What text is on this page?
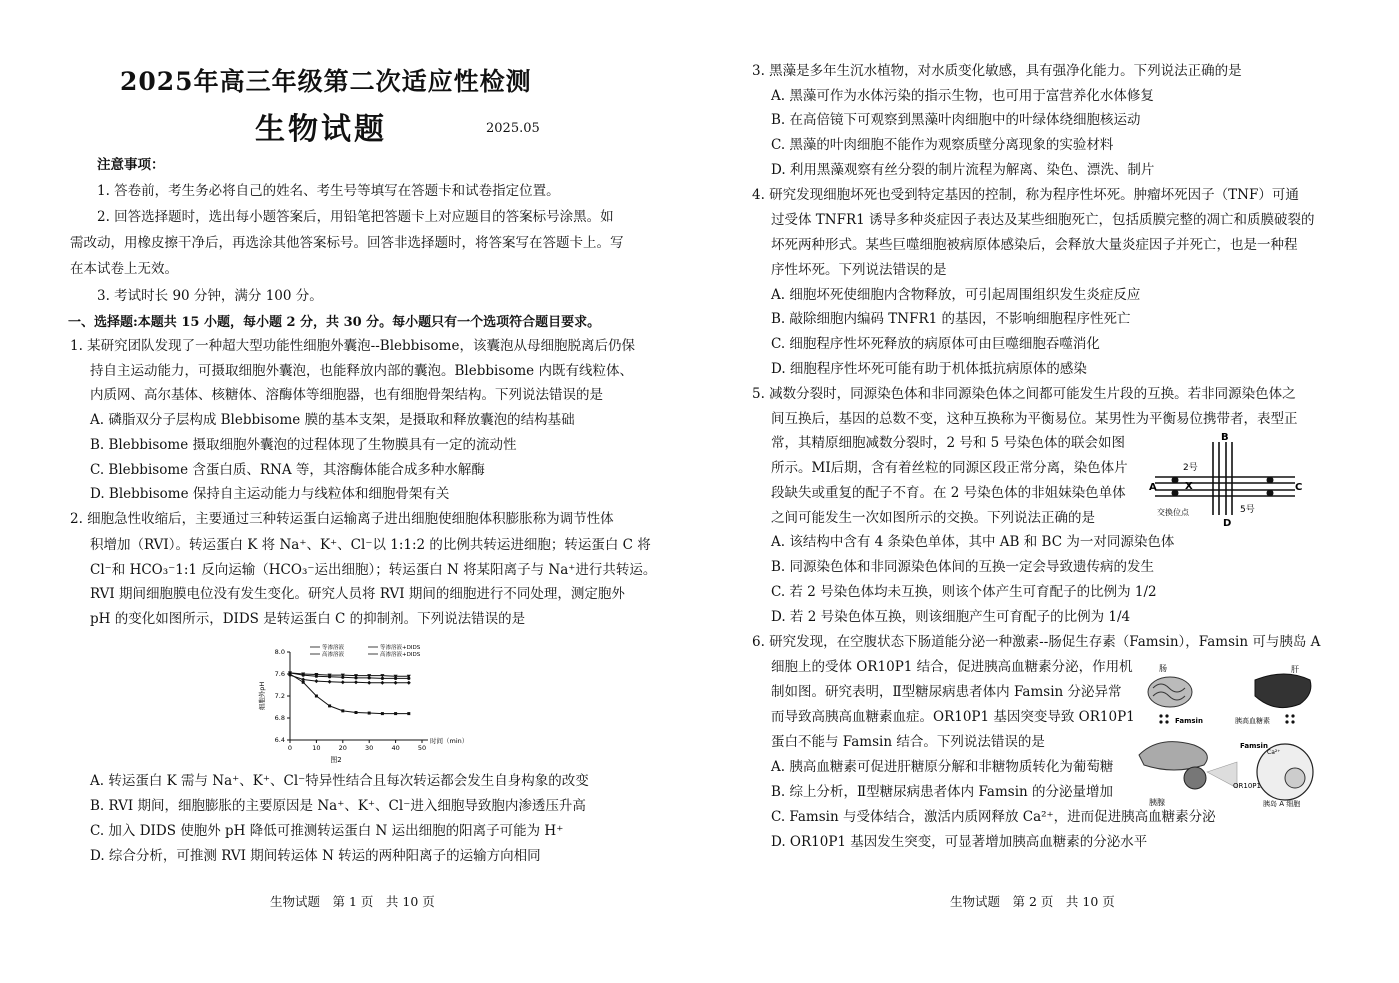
2025年高三年级第二次适应性检测
生物试题	2025.05
注意事项：
1. 答卷前，考生务必将自己的姓名、考生号等填写在答题卡和试卷指定位置。
2. 回答选择题时，选出每小题答案后，用铅笔把答题卡上对应题目的答案标号涂黑。如
需改动，用橡皮擦干净后，再选涂其他答案标号。回答非选择题时，将答案写在答题卡上。写
在本试卷上无效。
3. 考试时长 90 分钟，满分 100 分。
一、选择题:本题共 15 小题，每小题 2 分，共 30 分。每小题只有一个选项符合题目要求。
1. 某研究团队发现了一种超大型功能性细胞外囊泡--Blebbisome，该囊泡从母细胞脱离后仍保
持自主运动能力，可摄取细胞外囊泡，也能释放内部的囊泡。Blebbisome 内既有线粒体、
内质网、高尔基体、核糖体、溶酶体等细胞器，也有细胞骨架结构。下列说法错误的是
A. 磷脂双分子层构成 Blebbisome 膜的基本支架，是摄取和释放囊泡的结构基础
B. Blebbisome 摄取细胞外囊泡的过程体现了生物膜具有一定的流动性
C. Blebbisome 含蛋白质、RNA 等，其溶酶体能合成多种水解酶
D. Blebbisome 保持自主运动能力与线粒体和细胞骨架有关
2. 细胞急性收缩后，主要通过三种转运蛋白运输离子进出细胞使细胞体积膨胀称为调节性体
积增加（RVI）。转运蛋白 K 将 Na⁺、K⁺、Cl⁻以 1:1:2 的比例共转运进细胞；转运蛋白 C 将
Cl⁻和 HCO₃⁻1:1 反向运输（HCO₃⁻运出细胞）；转运蛋白 N 将某阳离子与 Na⁺进行共转运。
RVI 期间细胞膜电位没有发生变化。研究人员将 RVI 期间的细胞进行不同处理，测定胞外
pH 的变化如图所示，DIDS 是转运蛋白 C 的抑制剂。下列说法错误的是
0	10	20	30	40	50
6.4
6.8
7.2
7.6
8.0
时间（min）
细胞外pH
图2
等渗溶液	等渗溶液+DIDS
高渗溶液	高渗溶液+DIDS
A. 转运蛋白 K 需与 Na⁺、K⁺、Cl⁻特异性结合且每次转运都会发生自身构象的改变
B. RVI 期间，细胞膨胀的主要原因是 Na⁺、K⁺、Cl⁻进入细胞导致胞内渗透压升高
C. 加入 DIDS 使胞外 pH 降低可推测转运蛋白 N 运出细胞的阳离子可能为 H⁺
D. 综合分析，可推测 RVI 期间转运体 N 转运的两种阳离子的运输方向相同
生物试题　第 1 页　共 10 页
3. 黑藻是多年生沉水植物，对水质变化敏感，具有强净化能力。下列说法正确的是
A. 黑藻可作为水体污染的指示生物，也可用于富营养化水体修复
B. 在高倍镜下可观察到黑藻叶肉细胞中的叶绿体绕细胞核运动
C. 黑藻的叶肉细胞不能作为观察质壁分离现象的实验材料
D. 利用黑藻观察有丝分裂的制片流程为解离、染色、漂洗、制片
4. 研究发现细胞坏死也受到特定基因的控制，称为程序性坏死。肿瘤坏死因子（TNF）可通
过受体 TNFR1 诱导多种炎症因子表达及某些细胞死亡，包括质膜完整的凋亡和质膜破裂的
坏死两种形式。某些巨噬细胞被病原体感染后，会释放大量炎症因子并死亡，也是一种程
序性坏死。下列说法错误的是
A. 细胞坏死使细胞内含物释放，可引起周围组织发生炎症反应
B. 敲除细胞内编码 TNFR1 的基因，不影响细胞程序性死亡
C. 细胞程序性坏死释放的病原体可由巨噬细胞吞噬消化
D. 细胞程序性坏死可能有助于机体抵抗病原体的感染
5. 减数分裂时，同源染色体和非同源染色体之间都可能发生片段的互换。若非同源染色体之
间互换后，基因的总数不变，这种互换称为平衡易位。某男性为平衡易位携带者，表型正
常，其精原细胞减数分裂时，2 号和 5 号染色体的联会如图
所示。MI后期，含有着丝粒的同源区段正常分离，染色体片
段缺失或重复的配子不育。在 2 号染色体的非姐妹染色单体
之间可能发生一次如图所示的交换。下列说法正确的是
A
B
C
D
2号
5号
X
交换位点
A. 该结构中含有 4 条染色单体，其中 AB 和 BC 为一对同源染色体
B. 同源染色体和非同源染色体间的互换一定会导致遗传病的发生
C. 若 2 号染色体均未互换，则该个体产生可育配子的比例为 1/2
D. 若 2 号染色体互换，则该细胞产生可育配子的比例为 1/4
6. 研究发现，在空腹状态下肠道能分泌一种激素--肠促生存素（Famsin），Famsin 可与胰岛 A
细胞上的受体 OR10P1 结合，促进胰高血糖素分泌，作用机
制如图。研究表明，Ⅱ型糖尿病患者体内 Famsin 分泌异常
而导致高胰高血糖素血症。OR10P1 基因突变导致 OR10P1
蛋白不能与 Famsin 结合。下列说法错误的是
肠	肝
Famsin	胰高血糖素
胰腺
Famsin
Ca²⁺
OR10P1
胰岛 A 细胞
A. 胰高血糖素可促进肝糖原分解和非糖物质转化为葡萄糖
B. 综上分析，Ⅱ型糖尿病患者体内 Famsin 的分泌量增加
C. Famsin 与受体结合，激活内质网释放 Ca²⁺，进而促进胰高血糖素分泌
D. OR10P1 基因发生突变，可显著增加胰高血糖素的分泌水平
生物试题　第 2 页　共 10 页
